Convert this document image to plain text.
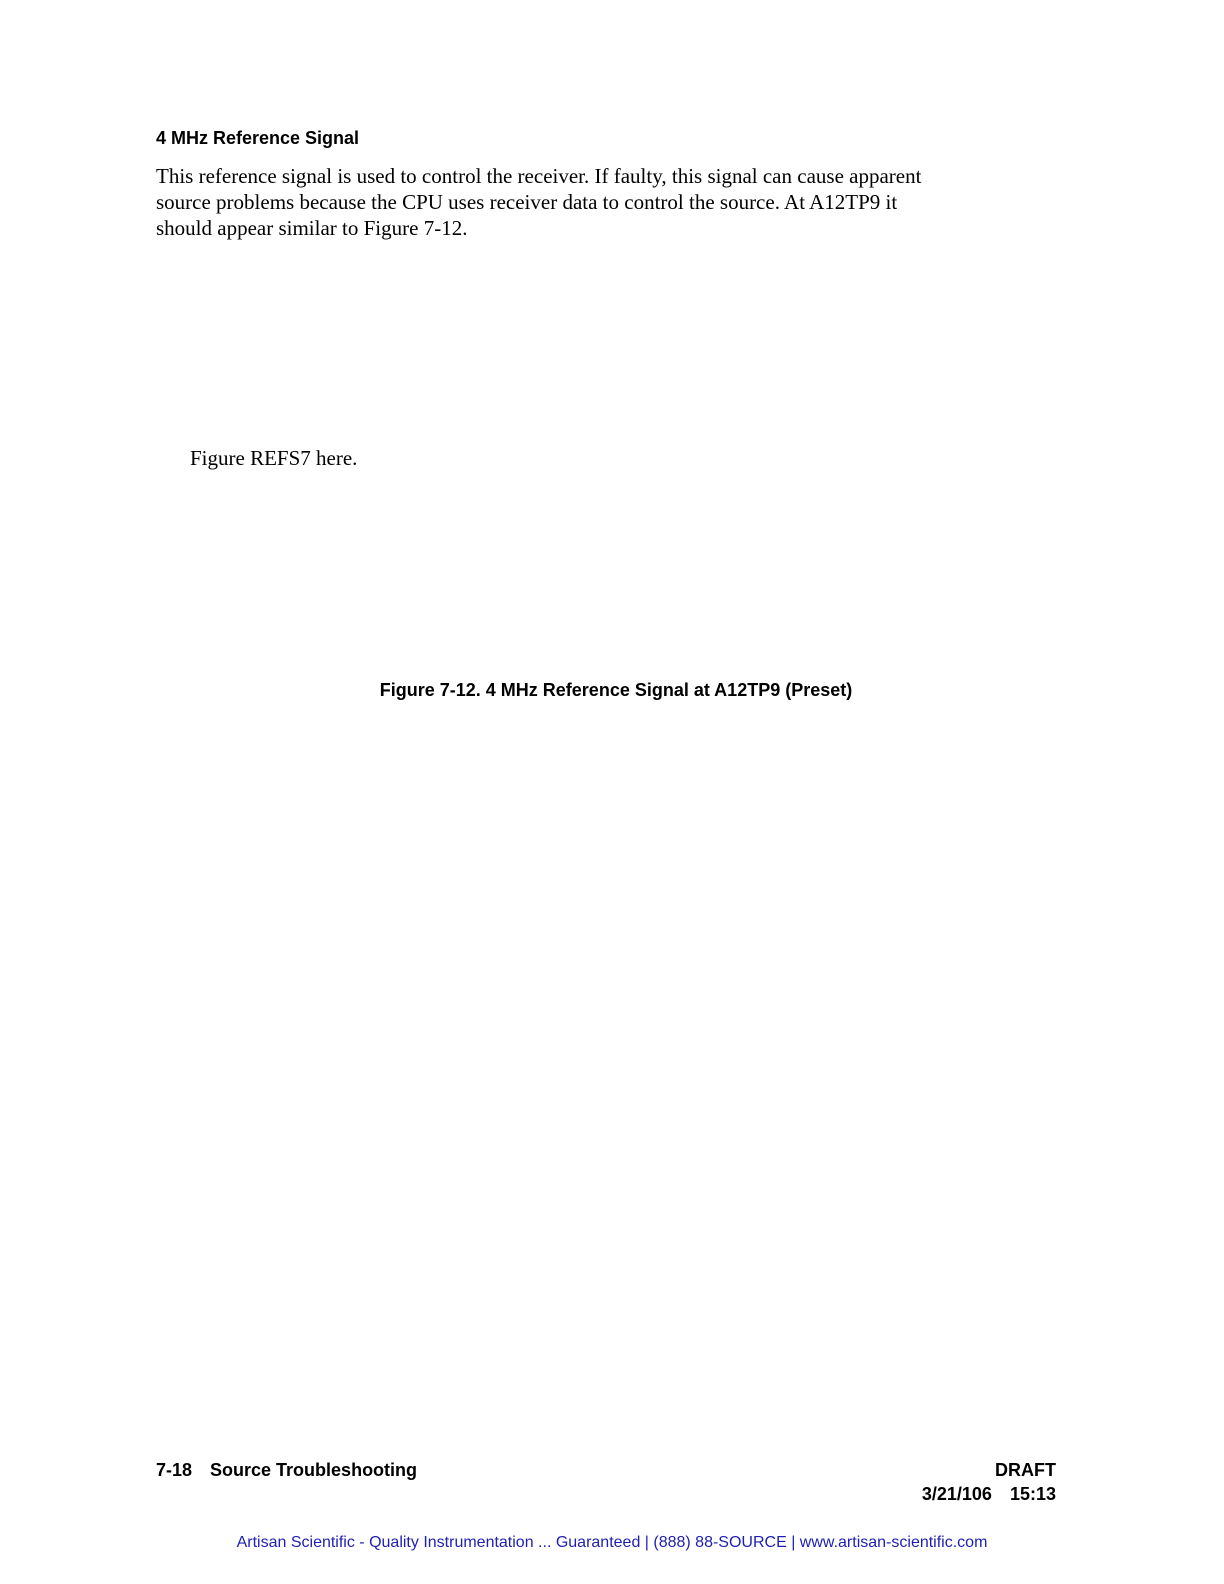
4 MHz Reference Signal
This reference signal is used to control the receiver. If faulty, this signal can cause apparent
source problems because the CPU uses receiver data to control the source. At A12TP9 it
should appear similar to Figure 7-12.
Figure REFS7 here.
Figure 7-12. 4 MHz Reference Signal at A12TP9 (Preset)
7-18 Source Troubleshooting	DRAFT
3/21/106 15:13
Artisan Scientific - Quality Instrumentation ... Guaranteed | (888) 88-SOURCE | www.artisan-scientific.com
